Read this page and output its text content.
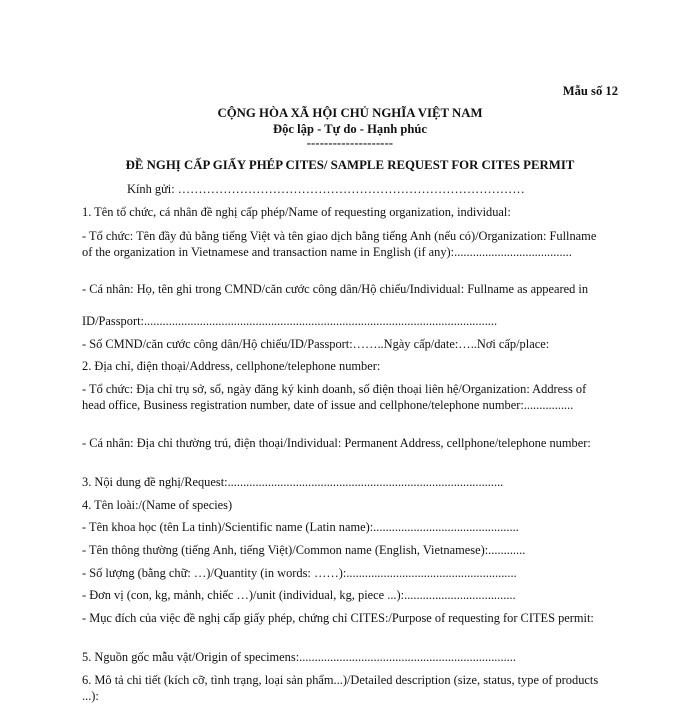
Mẫu số 12
CỘNG HÒA XÃ HỘI CHỦ NGHĨA VIỆT NAM
Độc lập - Tự do - Hạnh phúc
--------------------
ĐỀ NGHỊ CẤP GIẤY PHÉP CITES/ SAMPLE REQUEST FOR CITES PERMIT
Kính gửi: …………………………………………………………………………
1. Tên tổ chức, cá nhân đề nghị cấp phép/Name of requesting organization, individual:
- Tổ chức: Tên đầy đủ bằng tiếng Việt và tên giao dịch bằng tiếng Anh (nếu có)/Organization: Fullname of the organization in Vietnamese and transaction name in English (if any):......................................
- Cá nhân: Họ, tên ghi trong CMND/căn cước công dân/Hộ chiếu/Individual: Fullname as appeared in
ID/Passport:..................................................................................................................
- Số CMND/căn cước công dân/Hộ chiếu/ID/Passport:……..Ngày cấp/date:…..Nơi cấp/place:
2. Địa chỉ, điện thoại/Address, cellphone/telephone number:
- Tổ chức: Địa chỉ trụ sở, số, ngày đăng ký kinh doanh, số điện thoại liên hệ/Organization: Address of head office, Business registration number, date of issue and cellphone/telephone number:................
- Cá nhân: Địa chỉ thường trú, điện thoại/Individual: Permanent Address, cellphone/telephone number:
3. Nội dung đề nghị/Request:.........................................................................................
4. Tên loài:/(Name of species)
- Tên khoa học (tên La tinh)/Scientific name (Latin name):...............................................
- Tên thông thường (tiếng Anh, tiếng Việt)/Common name (English, Vietnamese):............
- Số lượng (bằng chữ: …)/Quantity (in words: ……):.......................................................
- Đơn vị (con, kg, mảnh, chiếc …)/unit (individual, kg, piece ...):....................................
- Mục đích của việc đề nghị cấp giấy phép, chứng chỉ CITES:/Purpose of requesting for CITES permit:
5. Nguồn gốc mẫu vật/Origin of specimens:......................................................................
6. Mô tả chi tiết (kích cỡ, tình trạng, loại sản phẩm...)/Detailed description (size, status, type of products ...):
